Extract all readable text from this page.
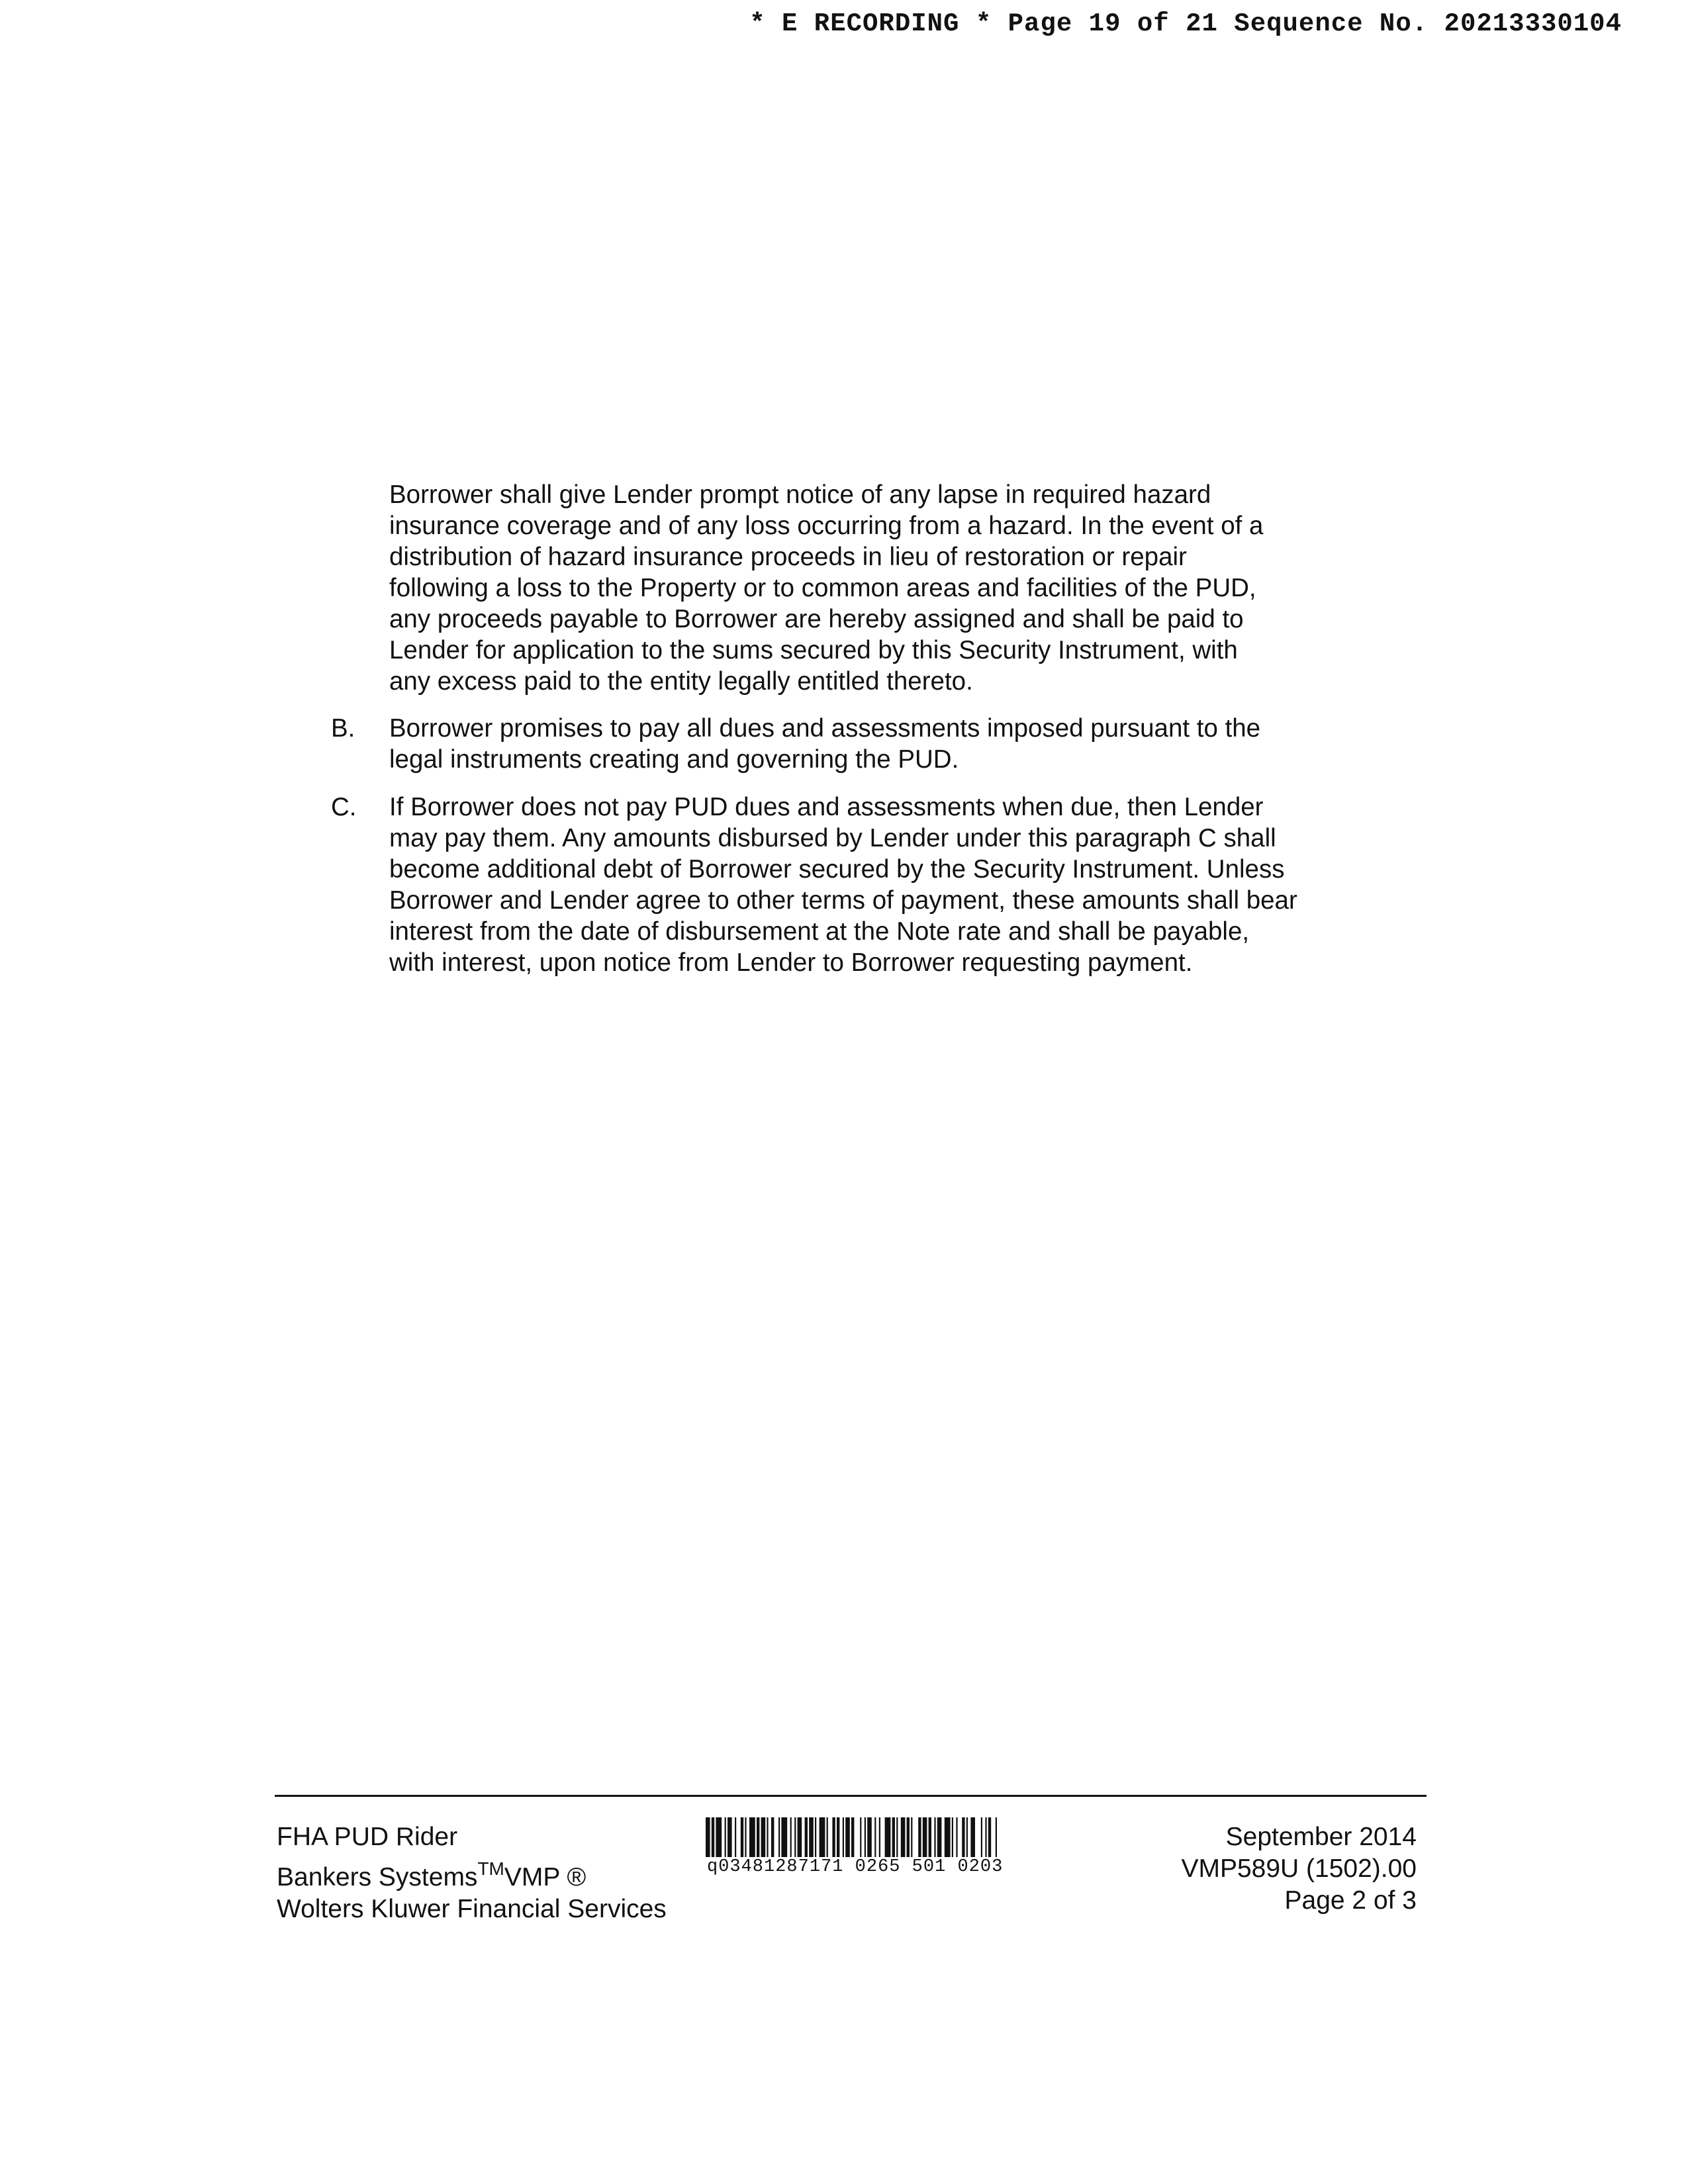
* E RECORDING * Page 19 of 21 Sequence No. 20213330104
Borrower shall give Lender prompt notice of any lapse in required hazard
insurance coverage and of any loss occurring from a hazard. In the event of a
distribution of hazard insurance proceeds in lieu of restoration or repair
following a loss to the Property or to common areas and facilities of the PUD,
any proceeds payable to Borrower are hereby assigned and shall be paid to
Lender for application to the sums secured by this Security Instrument, with
any excess paid to the entity legally entitled thereto.
B. Borrower promises to pay all dues and assessments imposed pursuant to the
legal instruments creating and governing the PUD.
C. If Borrower does not pay PUD dues and assessments when due, then Lender
may pay them. Any amounts disbursed by Lender under this paragraph C shall
become additional debt of Borrower secured by the Security Instrument. Unless
Borrower and Lender agree to other terms of payment, these amounts shall bear
interest from the date of disbursement at the Note rate and shall be payable,
with interest, upon notice from Lender to Borrower requesting payment.
FHA PUD Rider
Bankers Systems™VMP ®
Wolters Kluwer Financial Services
q03481287171 0265 501 0203
September 2014
VMP589U (1502).00
Page 2 of 3
